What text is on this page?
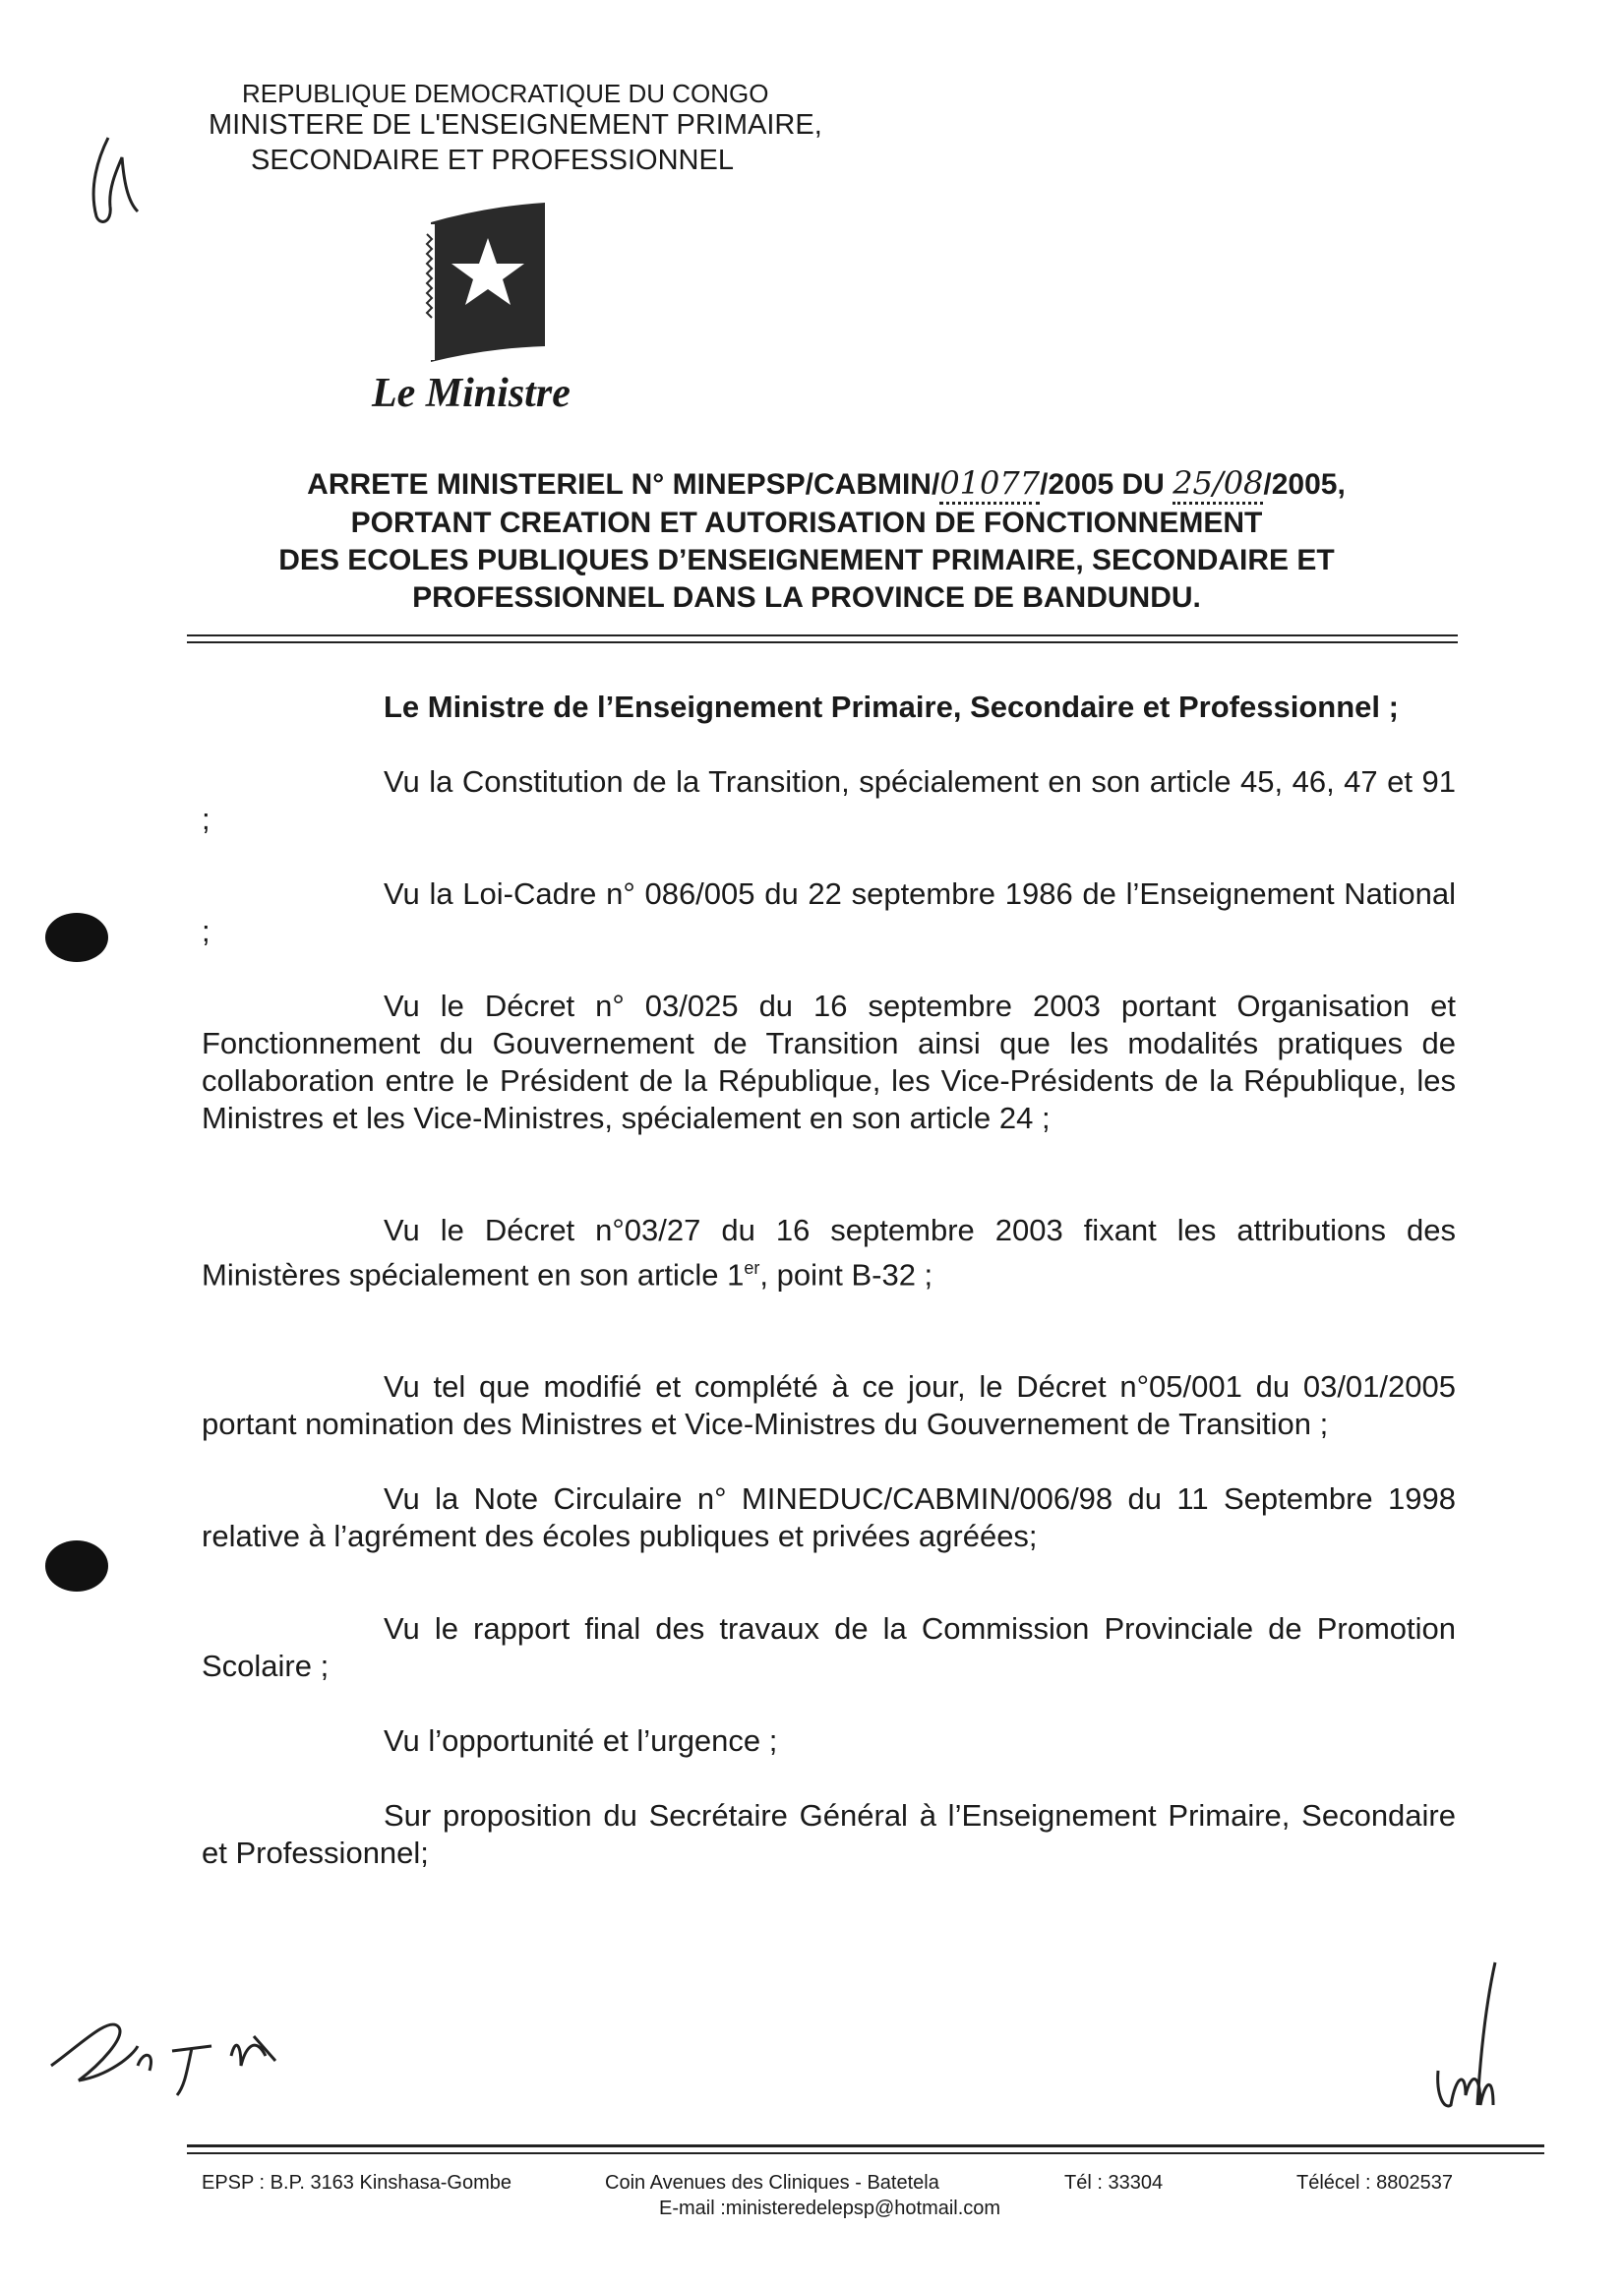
REPUBLIQUE DEMOCRATIQUE DU CONGO
MINISTERE DE L'ENSEIGNEMENT PRIMAIRE,
SECONDAIRE ET PROFESSIONNEL
Le Ministre
ARRETE MINISTERIEL N° MINEPSP/CABMIN/01077/2005 DU 25/08/2005,
PORTANT CREATION ET AUTORISATION DE FONCTIONNEMENT
DES ECOLES PUBLIQUES D’ENSEIGNEMENT PRIMAIRE, SECONDAIRE ET
PROFESSIONNEL DANS LA PROVINCE DE BANDUNDU.

Le Ministre de l’Enseignement Primaire, Secondaire et Professionnel ;

Vu la Constitution de la Transition, spécialement en son article 45, 46, 47 et 91 ;

Vu la Loi-Cadre n° 086/005 du 22 septembre 1986 de l’Enseignement National ;

Vu le Décret n° 03/025 du 16 septembre 2003 portant Organisation et Fonctionnement du Gouvernement de Transition ainsi que les modalités pratiques de collaboration entre le Président de la République, les Vice-Présidents de la République, les Ministres et les Vice-Ministres, spécialement en son article 24 ;

Vu le Décret n°03/27 du 16 septembre 2003 fixant les attributions des Ministères spécialement en son article 1er, point B-32 ;

Vu tel que modifié et complété à ce jour, le Décret n°05/001 du 03/01/2005 portant nomination des Ministres et Vice-Ministres du Gouvernement de Transition ;

Vu la Note Circulaire n° MINEDUC/CABMIN/006/98 du 11 Septembre 1998 relative à l’agrément des écoles publiques et privées agréées;

Vu le rapport final des travaux de la Commission Provinciale de Promotion Scolaire ;

Vu l’opportunité et l’urgence ;

Sur proposition du Secrétaire Général à l’Enseignement Primaire, Secondaire et Professionnel;

EPSP : B.P. 3163 Kinshasa-Gombe	Coin Avenues des Cliniques - Batetela
E-mail :ministeredelepsp@hotmail.com
Tél : 33304	Télécel : 8802537
